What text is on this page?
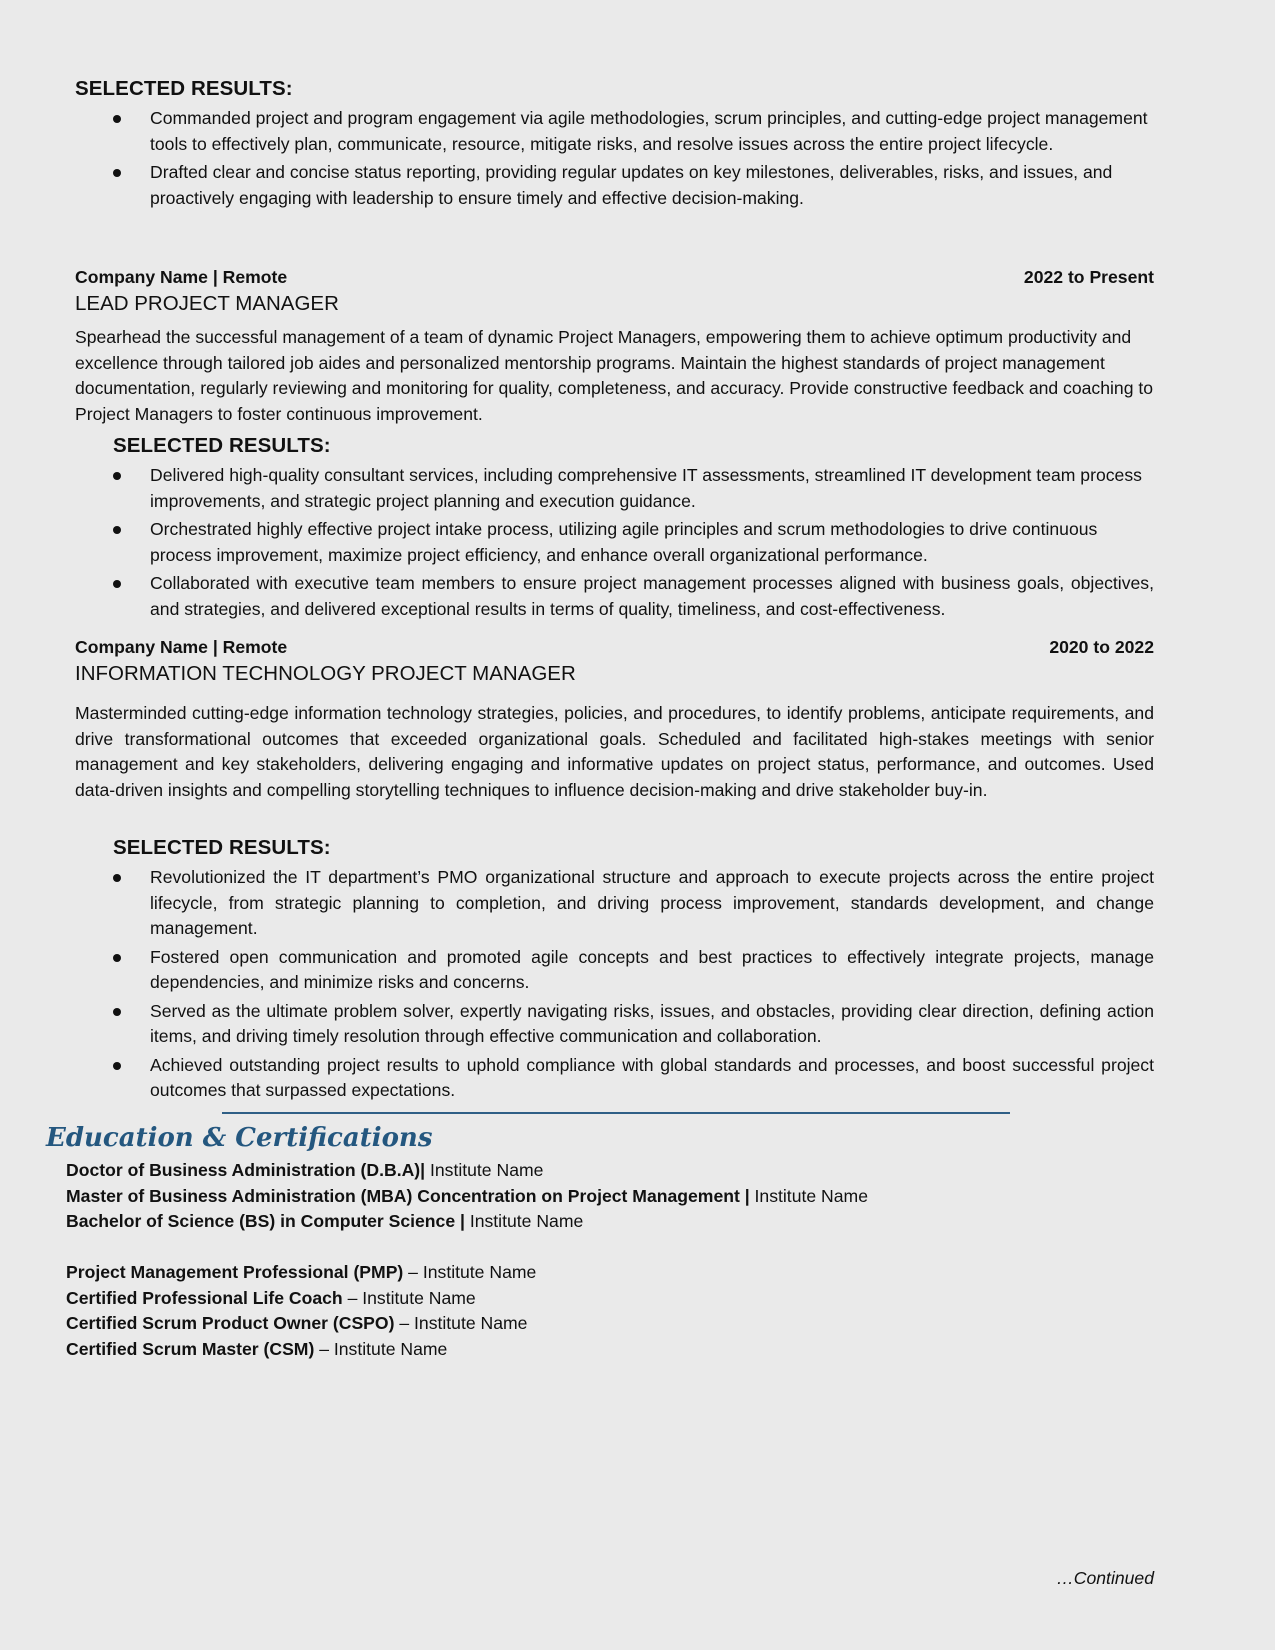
SELECTED RESULTS:
Commanded project and program engagement via agile methodologies, scrum principles, and cutting-edge project management tools to effectively plan, communicate, resource, mitigate risks, and resolve issues across the entire project lifecycle.
Drafted clear and concise status reporting, providing regular updates on key milestones, deliverables, risks, and issues, and proactively engaging with leadership to ensure timely and effective decision-making.
Company Name | Remote	2022 to Present
LEAD PROJECT MANAGER

Spearhead the successful management of a team of dynamic Project Managers, empowering them to achieve optimum productivity and excellence through tailored job aides and personalized mentorship programs. Maintain the highest standards of project management documentation, regularly reviewing and monitoring for quality, completeness, and accuracy. Provide constructive feedback and coaching to Project Managers to foster continuous improvement.

SELECTED RESULTS:
Delivered high-quality consultant services, including comprehensive IT assessments, streamlined IT development team process improvements, and strategic project planning and execution guidance.
Orchestrated highly effective project intake process, utilizing agile principles and scrum methodologies to drive continuous process improvement, maximize project efficiency, and enhance overall organizational performance.
Collaborated with executive team members to ensure project management processes aligned with business goals, objectives, and strategies, and delivered exceptional results in terms of quality, timeliness, and cost-effectiveness.
Company Name | Remote	2020 to 2022
INFORMATION TECHNOLOGY PROJECT MANAGER

Masterminded cutting-edge information technology strategies, policies, and procedures, to identify problems, anticipate requirements, and drive transformational outcomes that exceeded organizational goals. Scheduled and facilitated high-stakes meetings with senior management and key stakeholders, delivering engaging and informative updates on project status, performance, and outcomes. Used data-driven insights and compelling storytelling techniques to influence decision-making and drive stakeholder buy-in.

SELECTED RESULTS:
Revolutionized the IT department’s PMO organizational structure and approach to execute projects across the entire project lifecycle, from strategic planning to completion, and driving process improvement, standards development, and change management.
Fostered open communication and promoted agile concepts and best practices to effectively integrate projects, manage dependencies, and minimize risks and concerns.
Served as the ultimate problem solver, expertly navigating risks, issues, and obstacles, providing clear direction, defining action items, and driving timely resolution through effective communication and collaboration.
Achieved outstanding project results to uphold compliance with global standards and processes, and boost successful project outcomes that surpassed expectations.
Education & Certifications
Doctor of Business Administration (D.B.A)| Institute Name
Master of Business Administration (MBA) Concentration on Project Management | Institute Name
Bachelor of Science (BS) in Computer Science | Institute Name
Project Management Professional (PMP) – Institute Name
Certified Professional Life Coach – Institute Name
Certified Scrum Product Owner (CSPO) – Institute Name
Certified Scrum Master (CSM) – Institute Name
…Continued
